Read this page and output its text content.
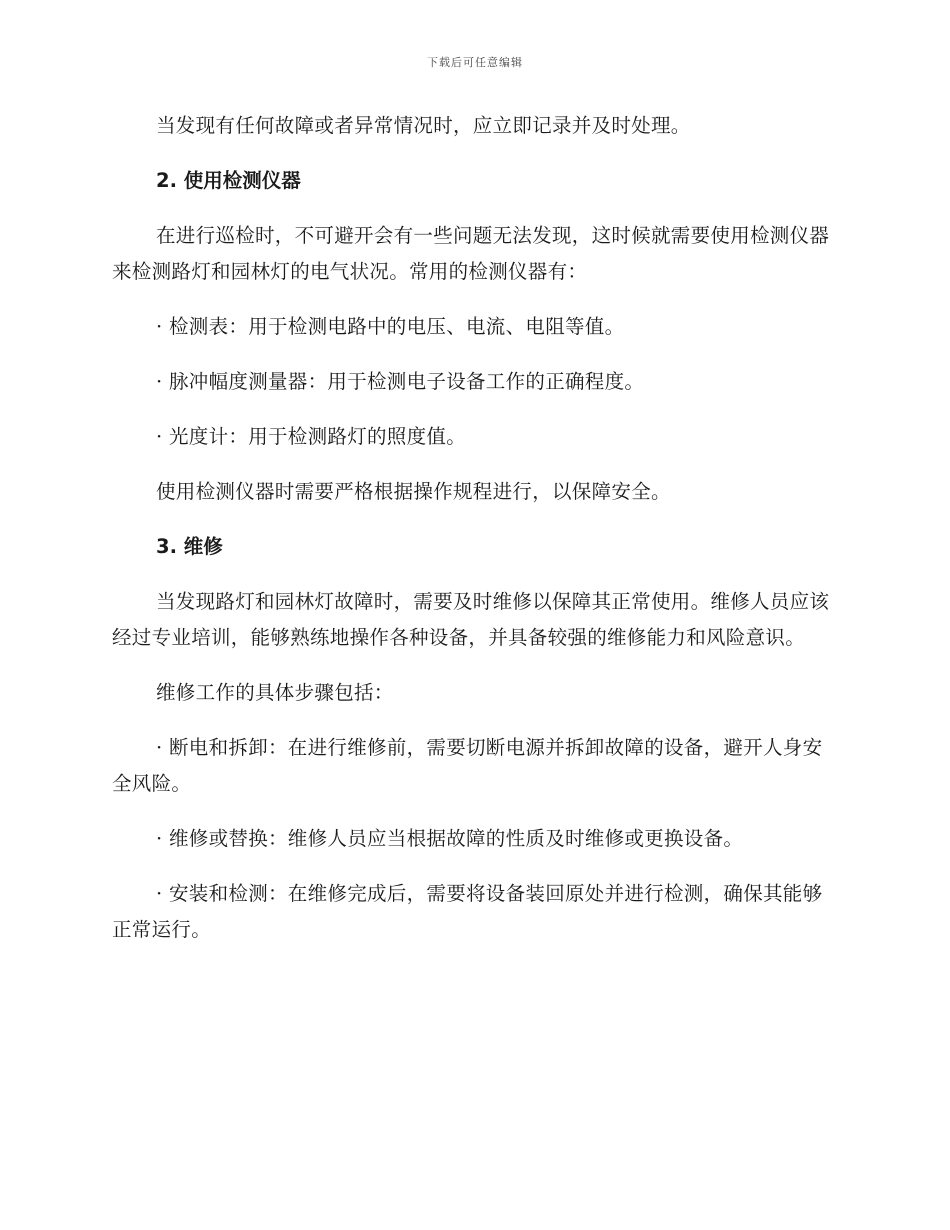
下载后可任意编辑

当发现有任何故障或者异常情况时，应立即记录并及时处理。

2. 使用检测仪器

在进行巡检时，不可避开会有一些问题无法发现，这时候就需要使用检测仪器来检测路灯和园林灯的电气状况。常用的检测仪器有：

· 检测表：用于检测电路中的电压、电流、电阻等值。

· 脉冲幅度测量器：用于检测电子设备工作的正确程度。

· 光度计：用于检测路灯的照度值。

使用检测仪器时需要严格根据操作规程进行，以保障安全。

3. 维修

当发现路灯和园林灯故障时，需要及时维修以保障其正常使用。维修人员应该经过专业培训，能够熟练地操作各种设备，并具备较强的维修能力和风险意识。

维修工作的具体步骤包括：

· 断电和拆卸：在进行维修前，需要切断电源并拆卸故障的设备，避开人身安全风险。

· 维修或替换：维修人员应当根据故障的性质及时维修或更换设备。

· 安装和检测：在维修完成后，需要将设备装回原处并进行检测，确保其能够正常运行。
